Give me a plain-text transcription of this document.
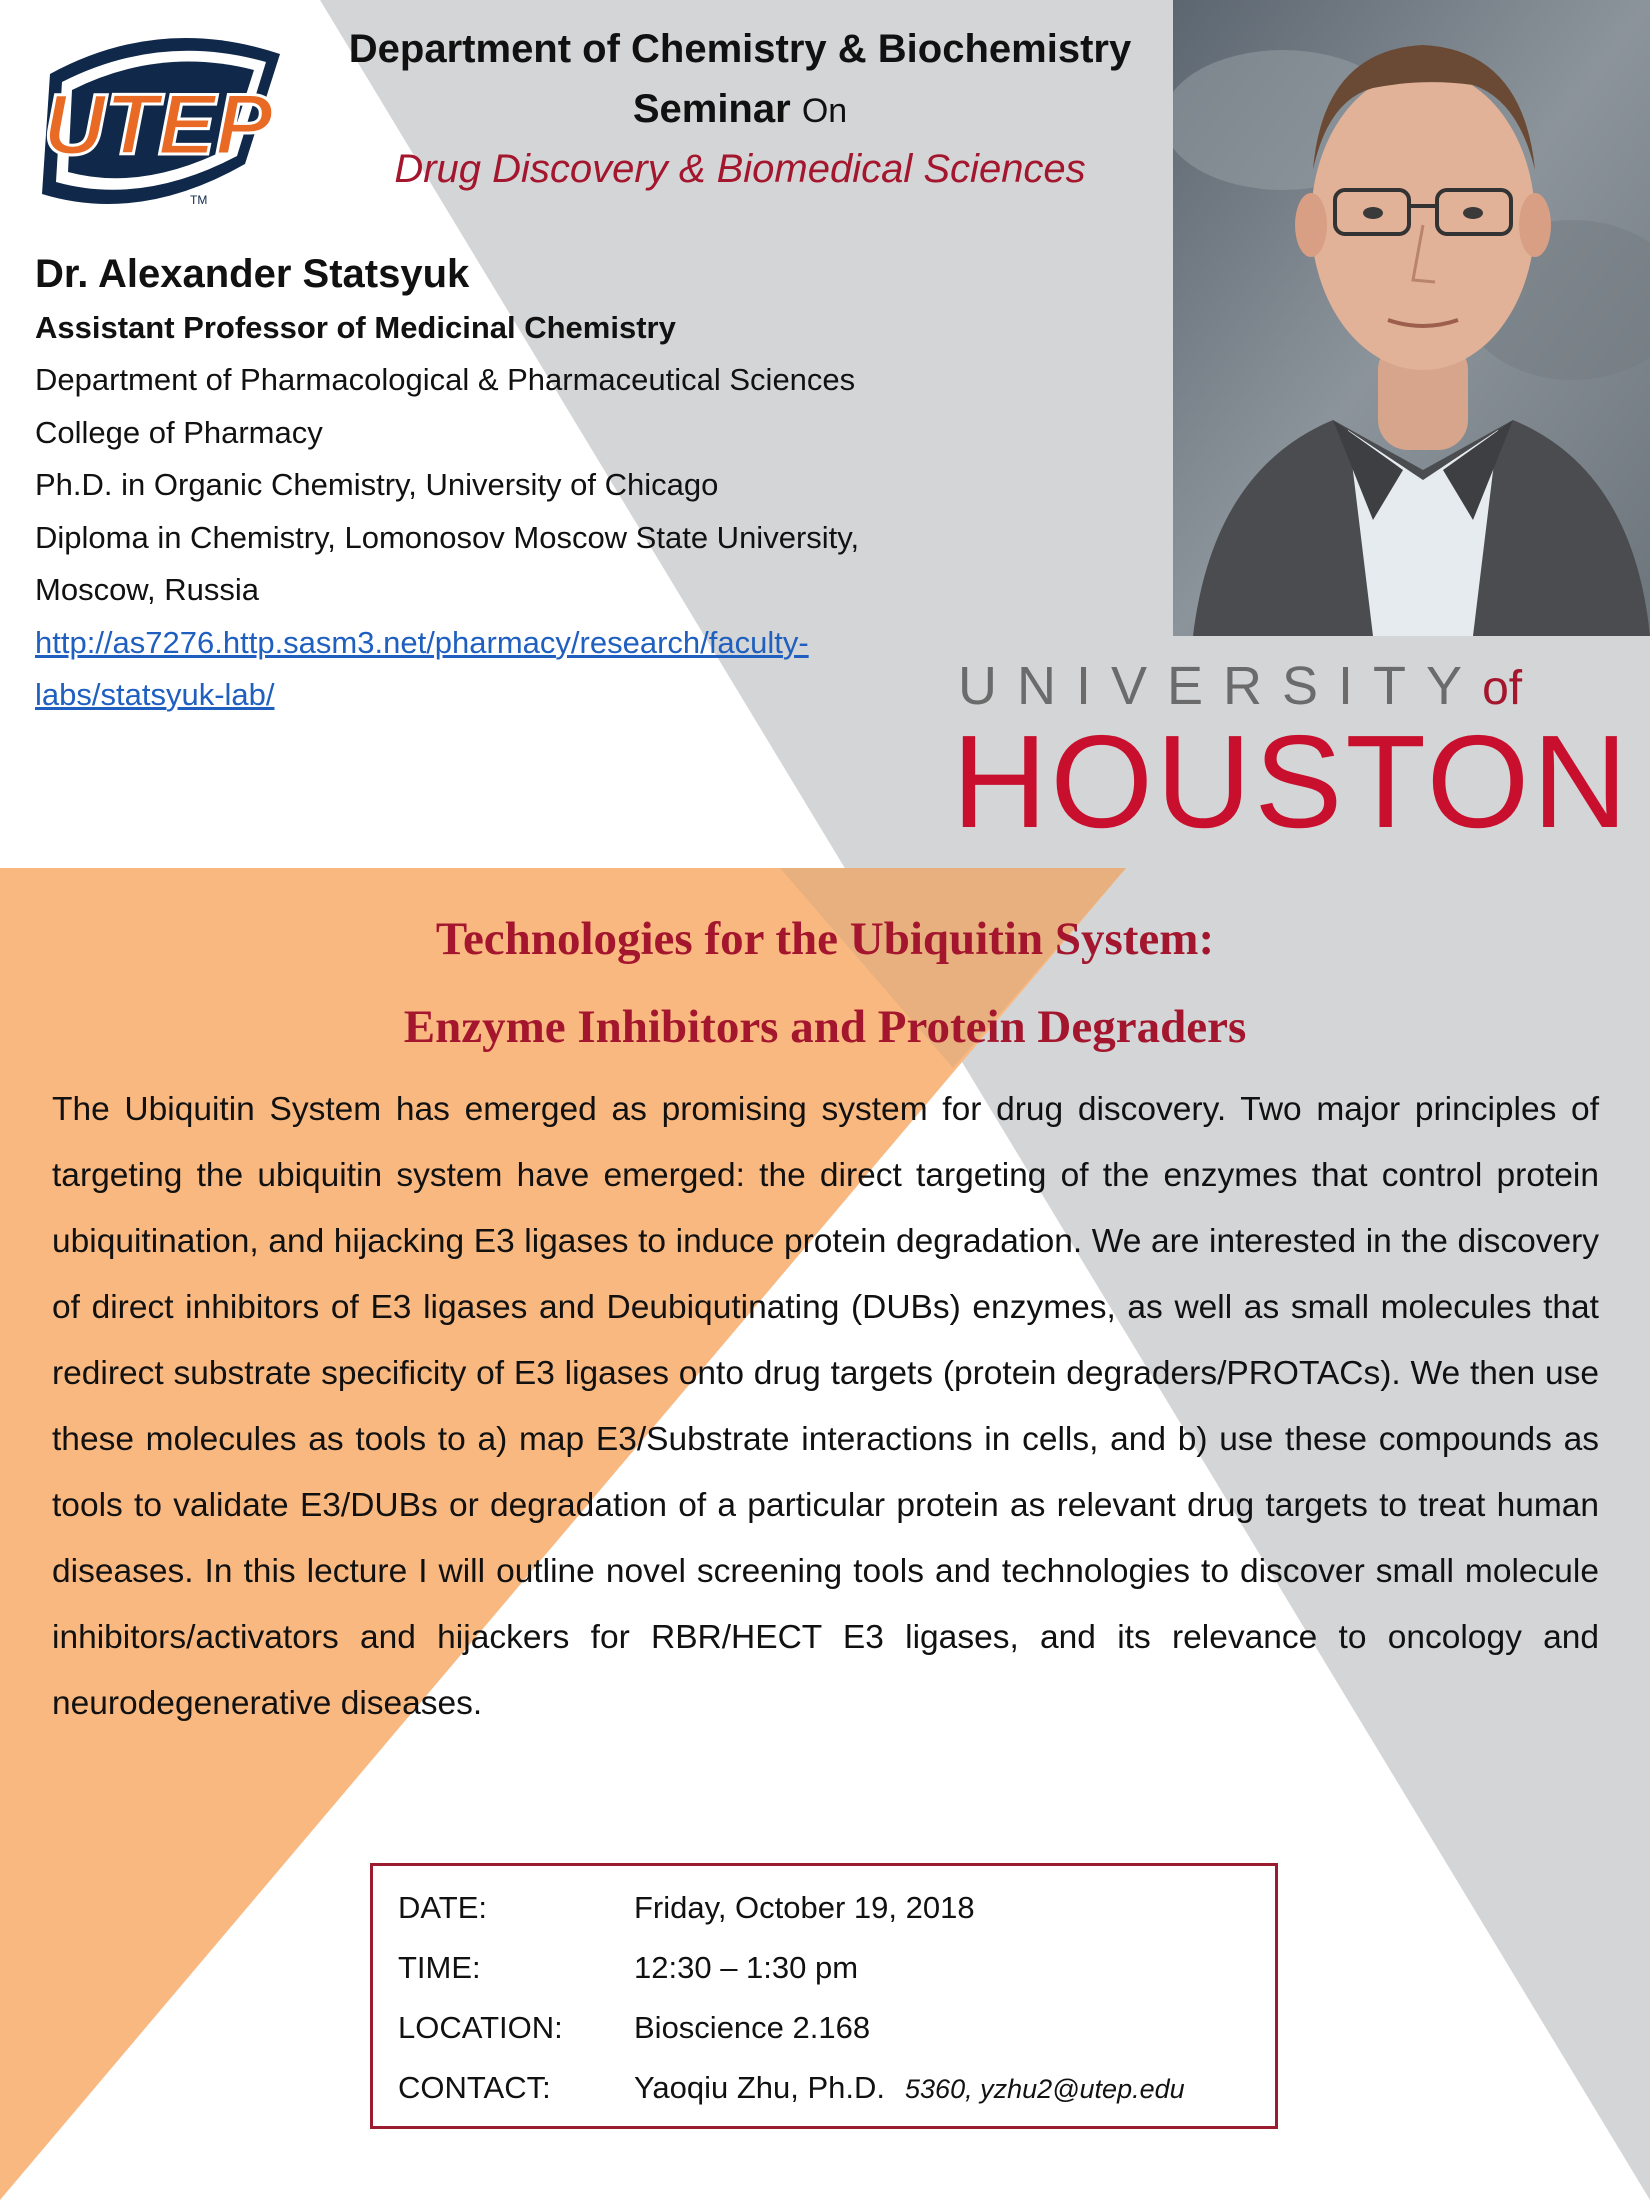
UTEP
TM
Department of Chemistry & Biochemistry
Seminar On
Drug Discovery & Biomedical Sciences
Dr. Alexander Statsyuk
Assistant Professor of Medicinal Chemistry
Department of Pharmacological & Pharmaceutical Sciences
College of Pharmacy
Ph.D. in Organic Chemistry, University of Chicago
Diploma in Chemistry, Lomonosov Moscow State University,
Moscow, Russia
http://as7276.http.sasm3.net/pharmacy/research/faculty-
labs/statsyuk-lab/	UNIVERSITYof
HOUSTON
Technologies for the Ubiquitin System:
Enzyme Inhibitors and Protein Degraders
The Ubiquitin System has emerged as promising system for drug discovery. Two major principles of targeting the ubiquitin system have emerged: the direct targeting of the enzymes that control protein ubiquitination, and hijacking E3 ligases to induce protein degradation. We are interested in the discovery of direct inhibitors of E3 ligases and Deubiqutinating (DUBs) enzymes, as well as small molecules that redirect substrate specificity of E3 ligases onto drug targets (protein degraders/PROTACs). We then use these molecules as tools to a) map E3/Substrate interactions in cells, and b) use these compounds as tools to validate E3/DUBs or degradation of a particular protein as relevant drug targets to treat human diseases. In this lecture I will outline novel screening tools and technologies to discover small molecule inhibitors/activators and hijackers for RBR/HECT E3 ligases, and its relevance to oncology and neurodegenerative diseases.
DATE:	Friday, October 19, 2018
TIME:	12:30 – 1:30 pm
LOCATION:	Bioscience 2.168
CONTACT:	Yaoqiu Zhu, Ph.D. 5360, yzhu2@utep.edu
